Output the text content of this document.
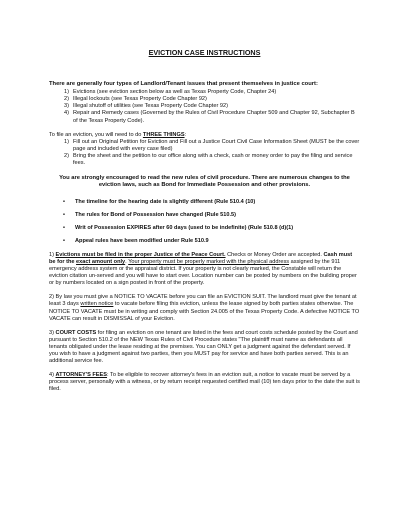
EVICTION CASE INSTRUCTIONS

There are generally four types of Landlord/Tenant issues that present themselves in justice court:

1) Evictions (see eviction section below as well as Texas Property Code, Chapter 24)
2) Illegal lockouts (see Texas Property Code Chapter 92)
3) Illegal shutoff of utilities (see Texas Property Code Chapter 92)
4) Repair and Remedy cases (Governed by the Rules of Civil Procedure Chapter 509 and Chapter 92, Subchapter B of the Texas Property Code).

To file an eviction, you will need to do THREE THINGS:

1) Fill out an Original Petition for Eviction and Fill out a Justice Court Civil Case Information Sheet (MUST be the cover page and included with every case filed)
2) Bring the sheet and the petition to our office along with a check, cash or money order to pay the filing and service fees.

You are strongly encouraged to read the new rules of civil procedure. There are numerous changes to the eviction laws, such as Bond for Immediate Possession and other provisions.

•	The timeline for the hearing date is slightly different (Rule 510.4 (10)
•	The rules for Bond of Possession have changed (Rule 510.5)
•	Writ of Possession EXPIRES after 60 days (used to be indefinite) (Rule 510.8 (d)(1)
•	Appeal rules have been modified under Rule 510.9

1) Evictions must be filed in the proper Justice of the Peace Court. Checks or Money Order are accepted. Cash must be for the exact amount only. Your property must be properly marked with the physical address assigned by the 911 emergency address system or the appraisal district. If your property is not clearly marked, the Constable will return the eviction citation un-served and you will have to start over. Location number can be posted by numbers on the building proper or by numbers located on a sign posted in front of the property.

2) By law you must give a NOTICE TO VACATE before you can file an EVICTION SUIT. The landlord must give the tenant at least 3 days written notice to vacate before filing this eviction, unless the lease signed by both parties states otherwise. The NOTICE TO VACATE must be in writing and comply with Section 24.005 of the Texas Property Code. A defective NOTICE TO VACATE can result in DISMISSAL of your Eviction.

3) COURT COSTS for filing an eviction on one tenant are listed in the fees and court costs schedule posted by the Court and pursuant to Section 510.2 of the NEW Texas Rules of Civil Procedure states "The plaintiff must name as defendants all tenants obligated under the lease residing at the premises. You can ONLY get a judgment against the defendant served. If you wish to have a judgment against two parties, then you MUST pay for service and have both parties served. This is an additional service fee.

4) ATTORNEY'S FEES: To be eligible to recover attorney's fees in an eviction suit, a notice to vacate must be served by a process server, personally with a witness, or by return receipt requested certified mail (10) ten days prior to the date the suit is filed.
